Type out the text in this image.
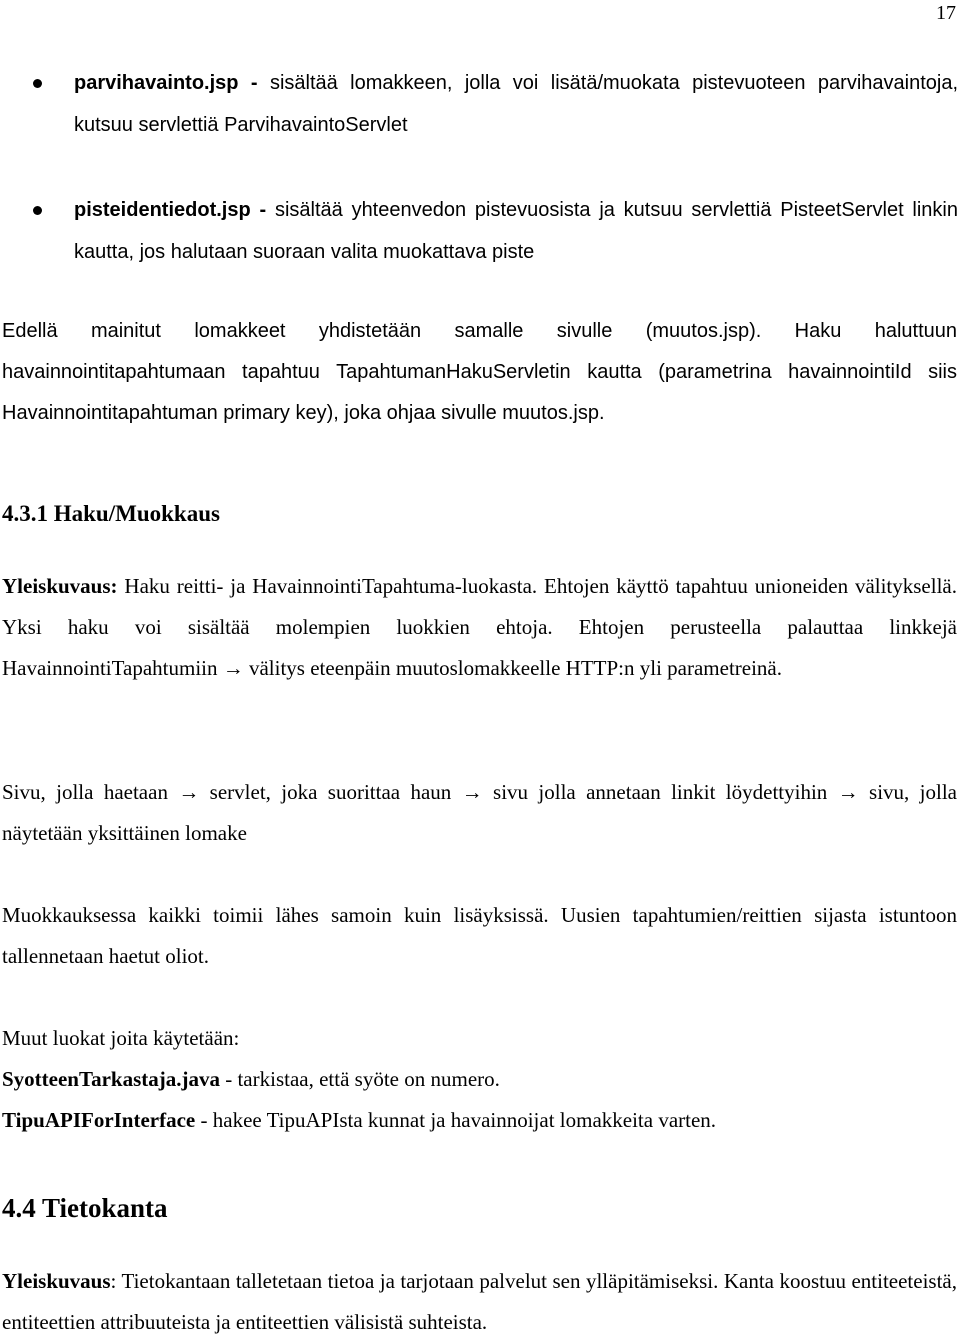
17
parvihavainto.jsp - sisältää lomakkeen, jolla voi lisätä/muokata pistevuoteen parvihavaintoja, kutsuu servlettiä ParvihavaintoServlet
pisteidentiedot.jsp - sisältää yhteenvedon pistevuosista ja kutsuu servlettiä PisteetServlet linkin kautta, jos halutaan suoraan valita muokattava piste

Edellä mainitut lomakkeet yhdistetään samalle sivulle (muutos.jsp). Haku haluttuun havainnointitapahtumaan tapahtuu TapahtumanHakuServletin kautta (parametrina havainnointiId siis Havainnointitapahtuman primary key), joka ohjaa sivulle muutos.jsp.

4.3.1 Haku/Muokkaus

Yleiskuvaus: Haku reitti- ja HavainnointiTapahtuma-luokasta. Ehtojen käyttö tapahtuu unioneiden välityksellä. Yksi haku voi sisältää molempien luokkien ehtoja. Ehtojen perusteella palauttaa linkkejä HavainnointiTapahtumiin → välitys eteenpäin muutoslomakkeelle HTTP:n yli parametreinä.

Sivu, jolla haetaan → servlet, joka suorittaa haun → sivu jolla annetaan linkit löydettyihin → sivu, jolla näytetään yksittäinen lomake

Muokkauksessa kaikki toimii lähes samoin kuin lisäyksissä. Uusien tapahtumien/reittien sijasta istuntoon tallennetaan haetut oliot.

Muut luokat joita käytetään:

SyotteenTarkastaja.java - tarkistaa, että syöte on numero.

TipuAPIForInterface - hakee TipuAPIsta kunnat ja havainnoijat lomakkeita varten.

4.4 Tietokanta

Yleiskuvaus: Tietokantaan talletetaan tietoa ja tarjotaan palvelut sen ylläpitämiseksi. Kanta koostuu entiteeteistä, entiteettien attribuuteista ja entiteettien välisistä suhteista.
